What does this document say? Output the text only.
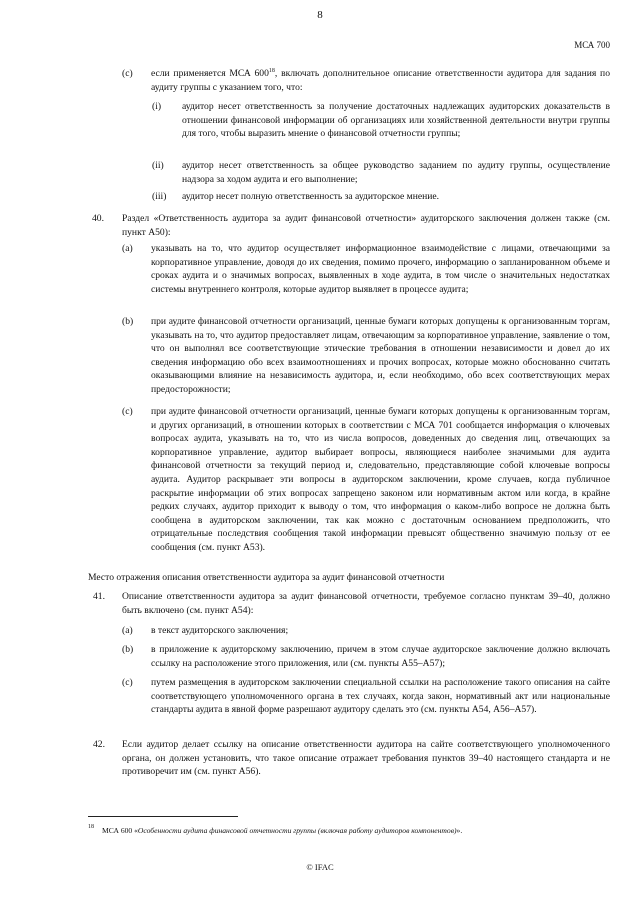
8
МСА 700
(c) если применяется МСА $600^{18}$, включать дополнительное описание ответственности аудитора для задания по аудиту группы с указанием того, что:
(i) аудитор несет ответственность за получение достаточных надлежащих аудиторских доказательств в отношении финансовой информации об организациях или хозяйственной деятельности внутри группы для того, чтобы выразить мнение о финансовой отчетности группы;
(ii) аудитор несет ответственность за общее руководство заданием по аудиту группы, осуществление надзора за ходом аудита и его выполнение;
(iii) аудитор несет полную ответственность за аудиторское мнение.
40. Раздел «Ответственность аудитора за аудит финансовой отчетности» аудиторского заключения должен также (см. пункт А50):
(a) указывать на то, что аудитор осуществляет информационное взаимодействие с лицами, отвечающими за корпоративное управление, доводя до их сведения, помимо прочего, информацию о запланированном объеме и сроках аудита и о значимых вопросах, выявленных в ходе аудита, в том числе о значительных недостатках системы внутреннего контроля, которые аудитор выявляет в процессе аудита;
(b) при аудите финансовой отчетности организаций, ценные бумаги которых допущены к организованным торгам, указывать на то, что аудитор предоставляет лицам, отвечающим за корпоративное управление, заявление о том, что он выполнял все соответствующие этические требования в отношении независимости и довел до их сведения информацию обо всех взаимоотношениях и прочих вопросах, которые можно обоснованно считать оказывающими влияние на независимость аудитора, и, если необходимо, обо всех соответствующих мерах предосторожности;
(c) при аудите финансовой отчетности организаций, ценные бумаги которых допущены к организованным торгам, и других организаций, в отношении которых в соответствии с МСА 701 сообщается информация о ключевых вопросах аудита, указывать на то, что из числа вопросов, доведенных до сведения лиц, отвечающих за корпоративное управление, аудитор выбирает вопросы, являющиеся наиболее значимыми для аудита финансовой отчетности за текущий период и, следовательно, представляющие собой ключевые вопросы аудита. Аудитор раскрывает эти вопросы в аудиторском заключении, кроме случаев, когда публичное раскрытие информации об этих вопросах запрещено законом или нормативным актом или когда, в крайне редких случаях, аудитор приходит к выводу о том, что информация о каком-либо вопросе не должна быть сообщена в аудиторском заключении, так как можно с достаточным основанием предположить, что отрицательные последствия сообщения такой информации превысят общественно значимую пользу от ее сообщения (см. пункт А53).
Место отражения описания ответственности аудитора за аудит финансовой отчетности
41. Описание ответственности аудитора за аудит финансовой отчетности, требуемое согласно пунктам 39–40, должно быть включено (см. пункт А54):
(a) в текст аудиторского заключения;
(b) в приложение к аудиторскому заключению, причем в этом случае аудиторское заключение должно включать ссылку на расположение этого приложения, или (см. пункты А55–А57);
(c) путем размещения в аудиторском заключении специальной ссылки на расположение такого описания на сайте соответствующего уполномоченного органа в тех случаях, когда закон, нормативный акт или национальные стандарты аудита в явной форме разрешают аудитору сделать это (см. пункты А54, А56–А57).
42. Если аудитор делает ссылку на описание ответственности аудитора на сайте соответствующего уполномоченного органа, он должен установить, что такое описание отражает требования пунктов 39–40 настоящего стандарта и не противоречит им (см. пункт А56).
18 МСА 600 «Особенности аудита финансовой отчетности группы (включая работу аудиторов компонентов)».
© IFAC
